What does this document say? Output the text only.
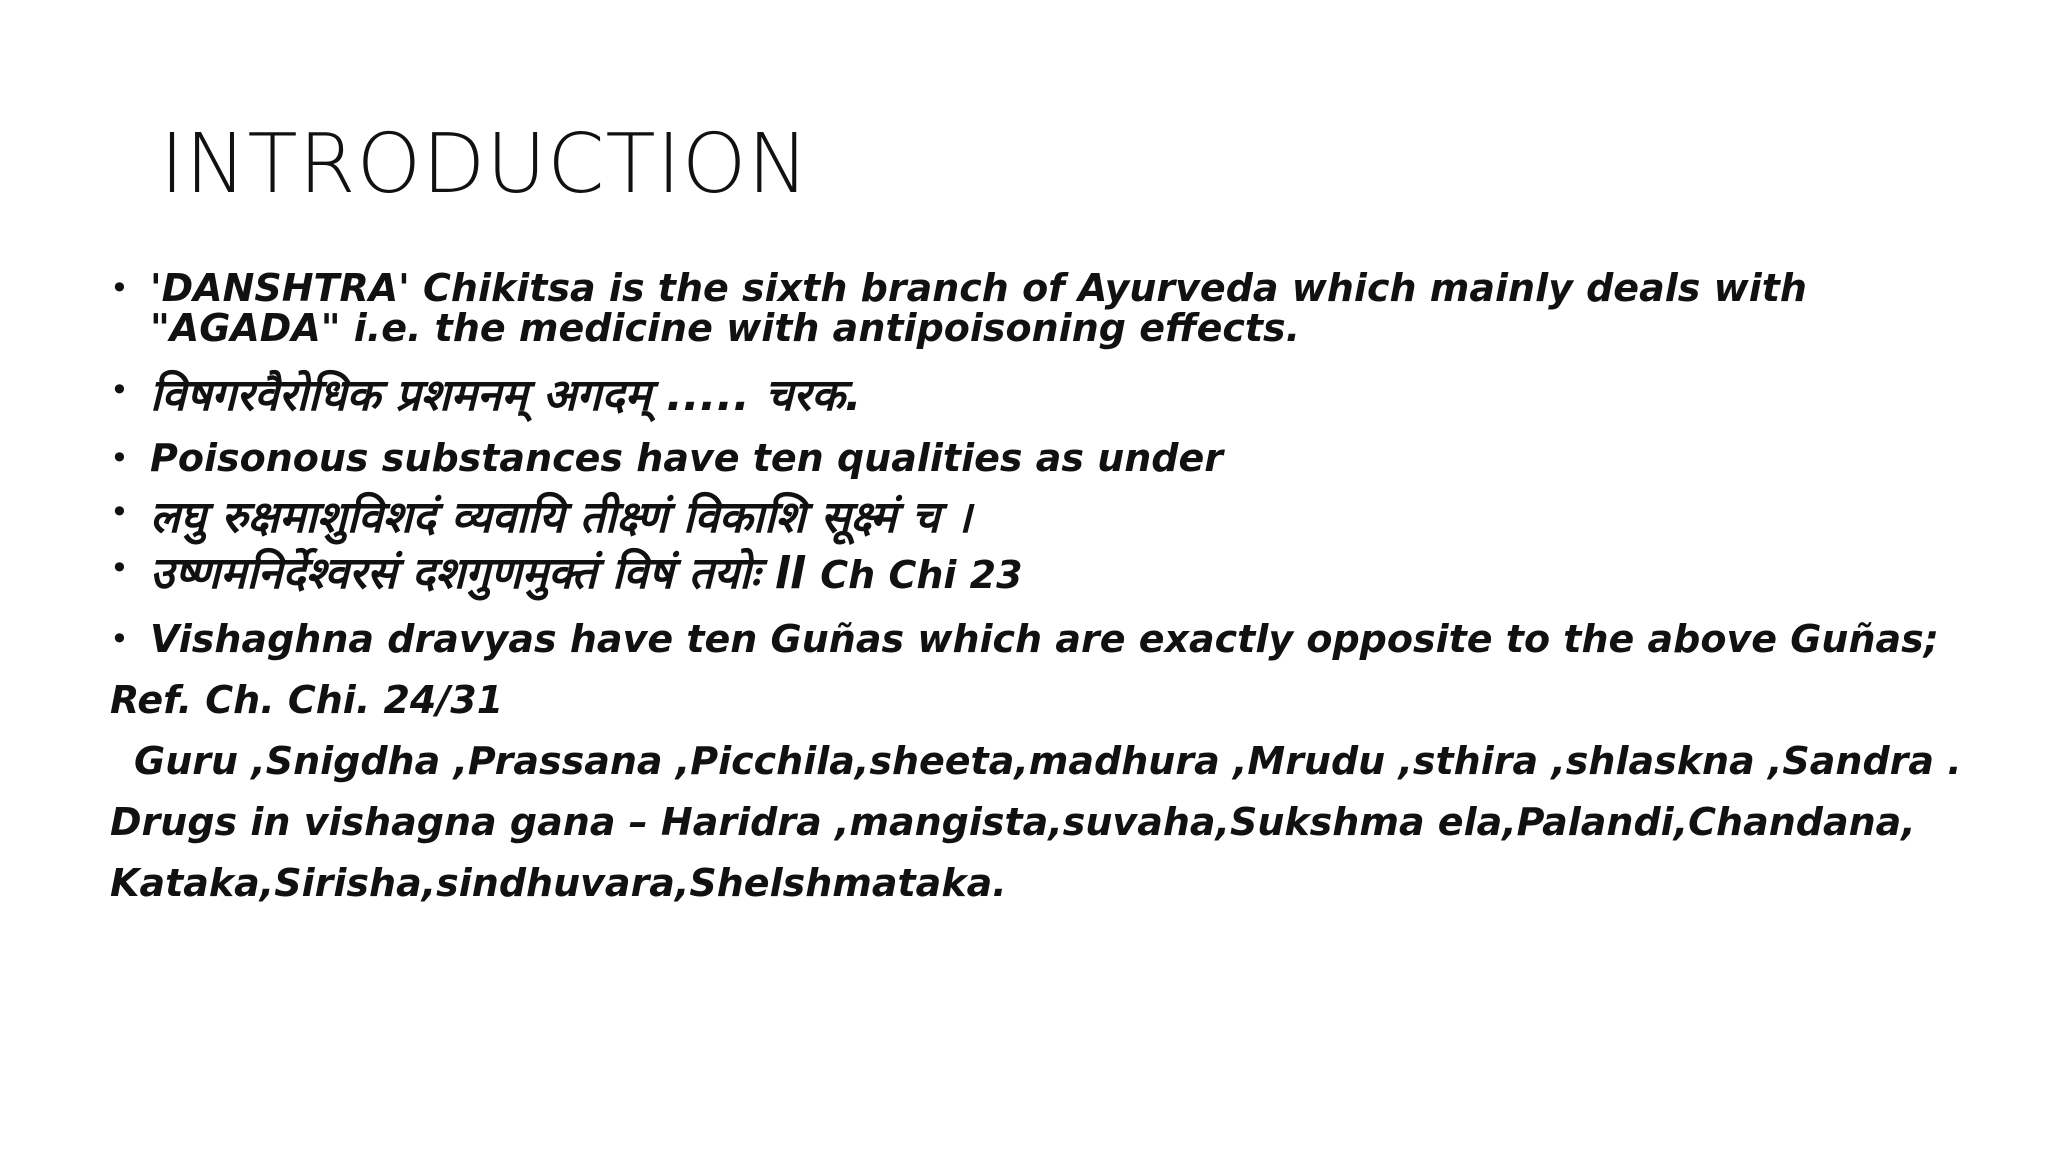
INTRODUCTION
• 'DANSHTRA' Chikitsa is the sixth branch of Ayurveda which mainly deals with "AGADA" i.e. the medicine with antipoisoning effects.
• विषगरवैरोधिक प्रशमनम् अगदम् ..... चरक.
• Poisonous substances have ten qualities as under
• लघु रुक्षमाशुविशदं व्यवायि तीक्ष्णं विकाशि सूक्ष्मं च ।
• उष्णमनिर्देश्वरसं दशगुणमुक्तं विषं तयोः ll Ch Chi 23
• Vishaghna dravyas have ten Guñas which are exactly opposite to the above Guñas;
Ref. Ch. Chi. 24/31
Guru ,Snigdha ,Prassana ,Picchila,sheeta,madhura ,Mrudu ,sthira ,shlaskna ,Sandra .
Drugs in vishagna gana – Haridra ,mangista,suvaha,Sukshma ela,Palandi,Chandana,
Kataka,Sirisha,sindhuvara,Shelshmataka.
